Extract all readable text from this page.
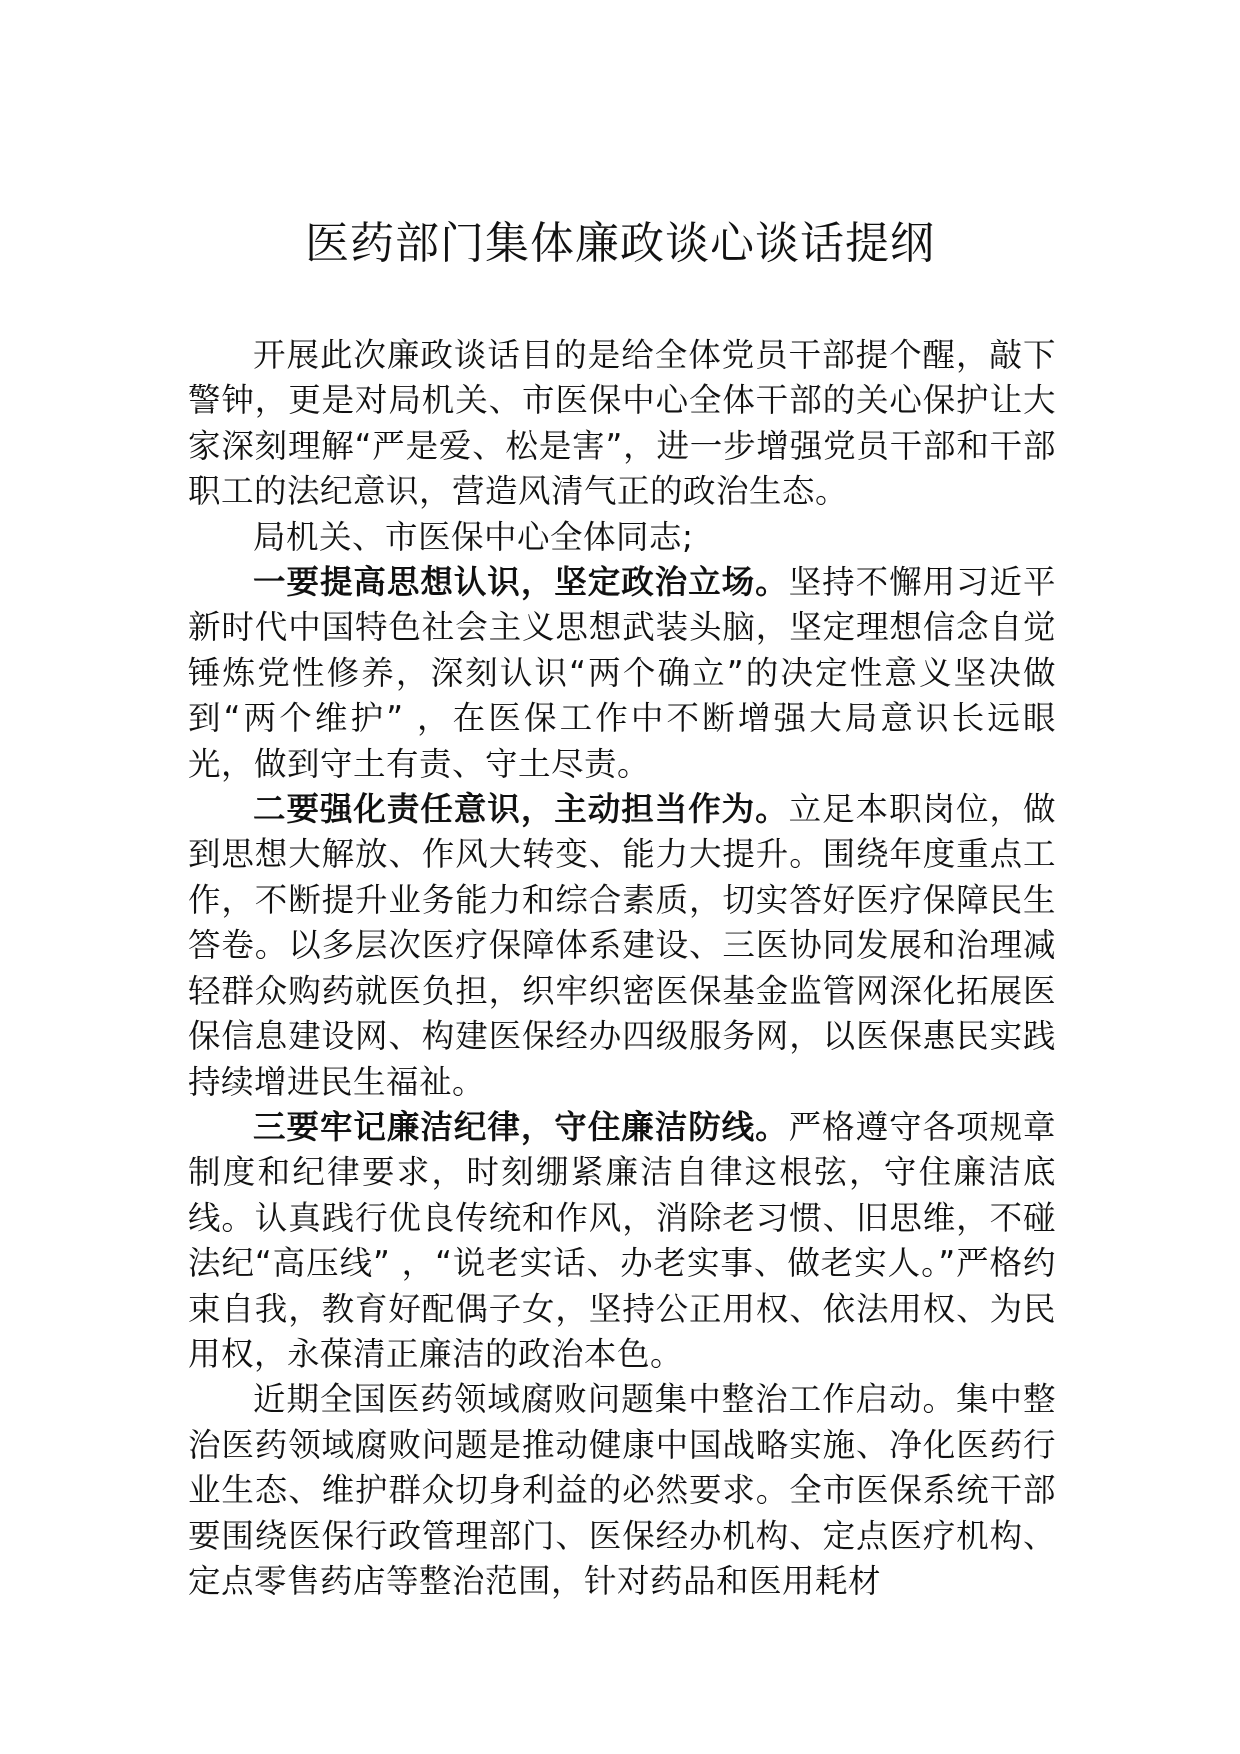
医药部门集体廉政谈心谈话提纲

开展此次廉政谈话目的是给全体党员干部提个醒，敲下警钟，更是对局机关、市医保中心全体干部的关心保护让大家深刻理解“严是爱、松是害”，进一步增强党员干部和干部职工的法纪意识，营造风清气正的政治生态。

局机关、市医保中心全体同志;

一要提高思想认识，坚定政治立场。坚持不懈用习近平新时代中国特色社会主义思想武装头脑，坚定理想信念自觉锤炼党性修养，深刻认识“两个确立”的决定性意义坚决做到“两个维护” ，在医保工作中不断增强大局意识长远眼光，做到守土有责、守土尽责。

二要强化责任意识，主动担当作为。立足本职岗位，做到思想大解放、作风大转变、能力大提升。围绕年度重点工作，不断提升业务能力和综合素质，切实答好医疗保障民生答卷。以多层次医疗保障体系建设、三医协同发展和治理减轻群众购药就医负担，织牢织密医保基金监管网深化拓展医保信息建设网、构建医保经办四级服务网，以医保惠民实践持续增进民生福祉。

三要牢记廉洁纪律，守住廉洁防线。严格遵守各项规章制度和纪律要求，时刻绷紧廉洁自律这根弦，守住廉洁底线。认真践行优良传统和作风，消除老习惯、旧思维，不碰法纪“高压线” ，“说老实话、办老实事、做老实人。”严格约束自我，教育好配偶子女，坚持公正用权、依法用权、为民用权，永葆清正廉洁的政治本色。

近期全国医药领域腐败问题集中整治工作启动。集中整治医药领域腐败问题是推动健康中国战略实施、净化医药行业生态、维护群众切身利益的必然要求。全市医保系统干部要围绕医保行政管理部门、医保经办机构、定点医疗机构、定点零售药店等整治范围，针对药品和医用耗材
